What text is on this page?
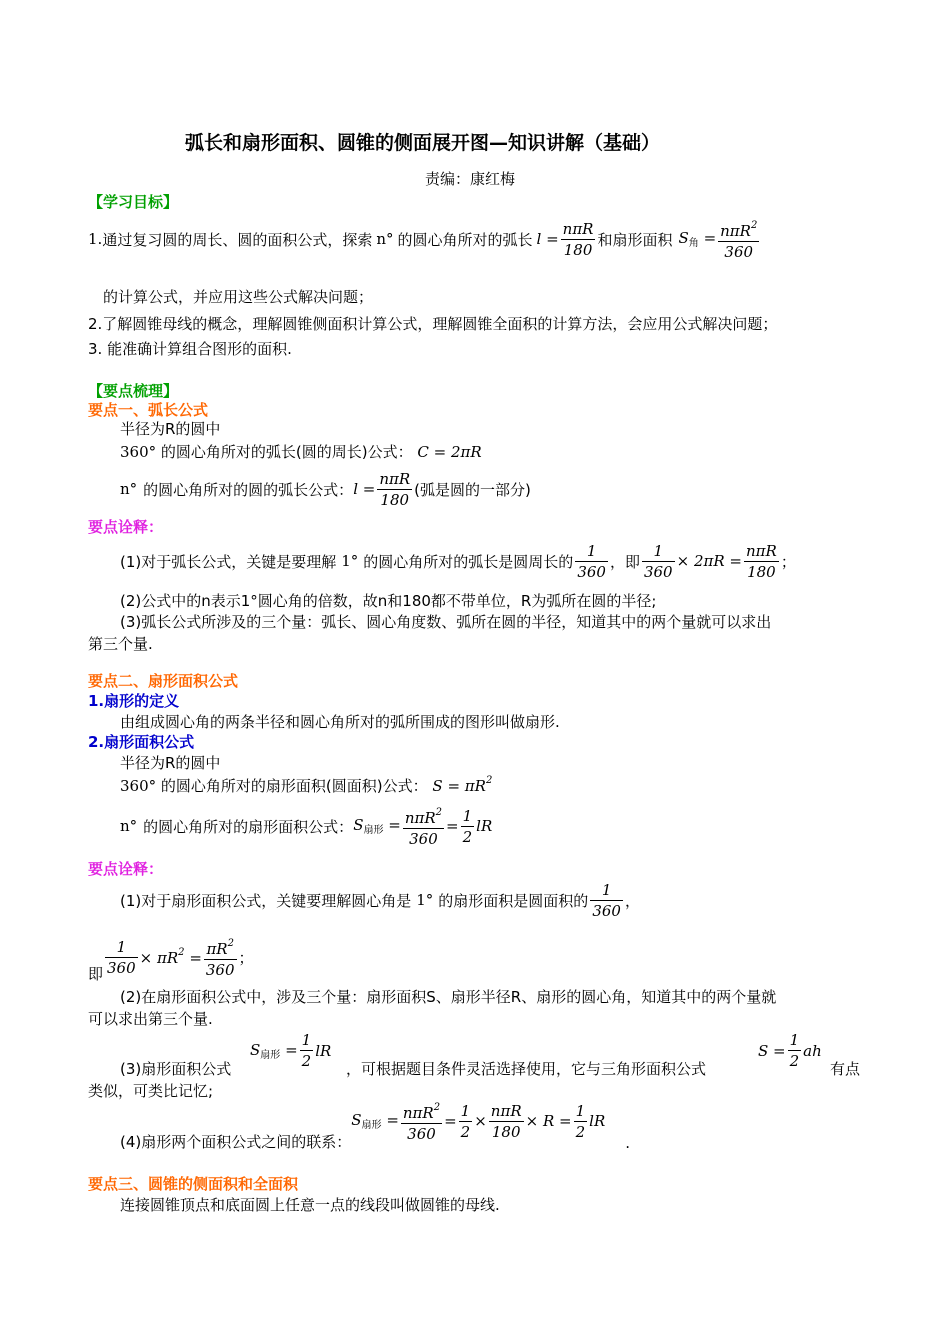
弧长和扇形面积、圆锥的侧面展开图—知识讲解（基础）
责编：康红梅
【学习目标】
1. 通过复习圆的周长、圆的面积公式，探索 n° 的圆心角所对的弧长 $l = \frac{\text{nπR}}{180}$ 和扇形面积 $S_角 = \frac{n\pi R^2}{360}$
的计算公式，并应用这些公式解决问题；
2.了解圆锥母线的概念，理解圆锥侧面积计算公式，理解圆锥全面积的计算方法，会应用公式解决问题；
3. 能准确计算组合图形的面积.
【要点梳理】
要点一、弧长公式
半径为R的圆中
360° 的圆心角所对的弧长(圆的周长)公式： C = 2πR
n° 的圆心角所对的圆的弧长公式： $l = \frac{\text{nπR}}{180}$ (弧是圆的一部分)
要点诠释：
(1)对于弧长公式，关键是要理解 1° 的圆心角所对的弧长是圆周长的 $\frac{1}{360}$ ，即 $\frac{1}{360} \times 2\pi R = \frac{\text{nπR}}{180}$ ；
(2)公式中的n表示1°圆心角的倍数，故n和180都不带单位，R为弧所在圆的半径;
(3)弧长公式所涉及的三个量：弧长、圆心角度数、弧所在圆的半径，知道其中的两个量就可以求出
第三个量.
要点二、扇形面积公式
1.扇形的定义
由组成圆心角的两条半径和圆心角所对的弧所围成的图形叫做扇形.
2.扇形面积公式
半径为R的圆中
360° 的圆心角所对的扇形面积(圆面积)公式： $S = \pi R^2$
n° 的圆心角所对的扇形面积公式： $S_{扇形} = \frac{n\pi R^2}{360} = \frac{1}{2}$ lR
要点诠释：
(1)对于扇形面积公式，关键要理解圆心角是 1° 的扇形面积是圆面积的 $\frac{1}{360}$ ，
即 $\frac{1}{360} \times \pi R^2 = \frac{\pi R^2}{360}$ ；
(2)在扇形面积公式中，涉及三个量：扇形面积S、扇形半径R、扇形的圆心角，知道其中的两个量就
可以求出第三个量.
(3)扇形面积公式
$S_{扇形} = \frac{1}{2}$ lR
，可根据题目条件灵活选择使用，它与三角形面积公式
$S = \frac{1}{2}$ ah
有点
类似，可类比记忆;
(4)扇形两个面积公式之间的联系：
$S_{扇形} = \frac{n\pi R^2}{360} = \frac{1}{2} \times \frac{\text{nπR}}{180} \times R = \frac{1}{2}$ lR
.
要点三、圆锥的侧面积和全面积
连接圆锥顶点和底面圆上任意一点的线段叫做圆锥的母线.
